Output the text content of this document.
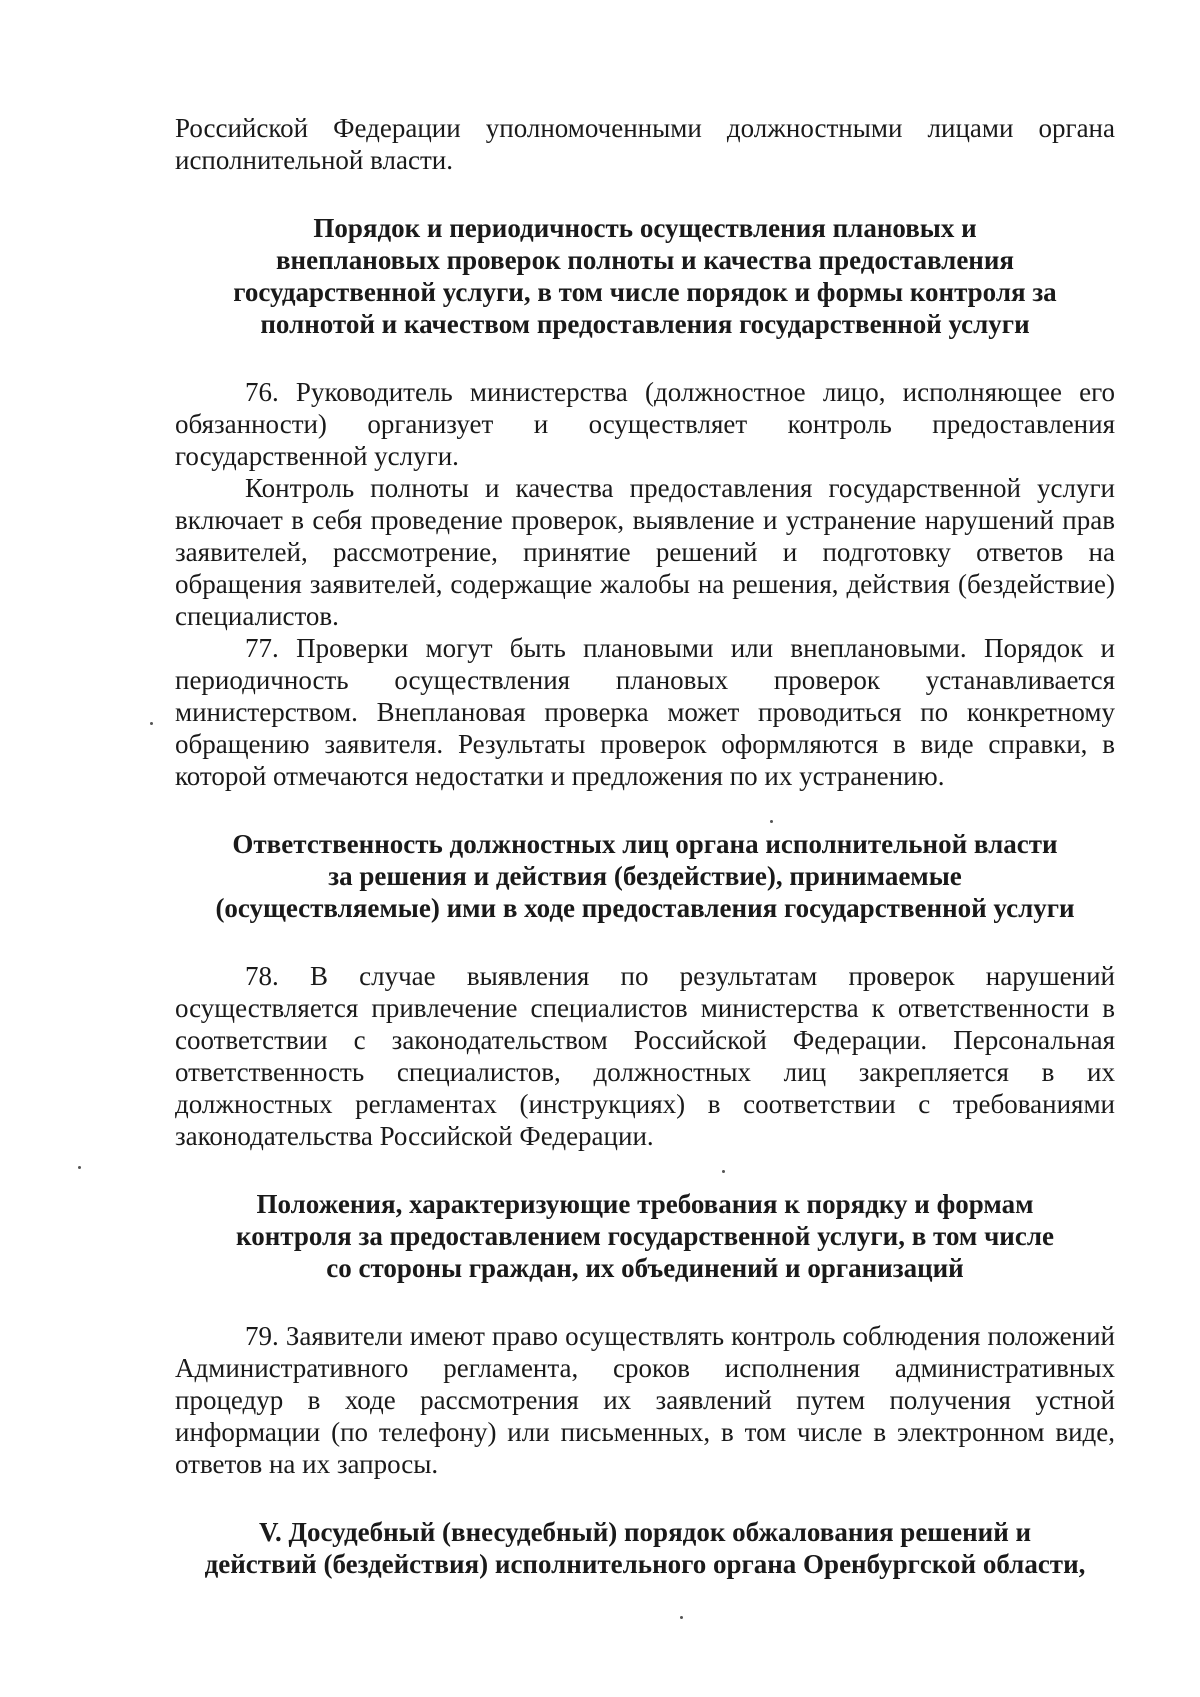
Российской Федерации уполномоченными должностными лицами органа исполнительной власти.

Порядок и периодичность осуществления плановых и
внеплановых проверок полноты и качества предоставления
государственной услуги, в том числе порядок и формы контроля за
полнотой и качеством предоставления государственной услуги

76. Руководитель министерства (должностное лицо, исполняющее его обязанности) организует и осуществляет контроль предоставления государственной услуги.

Контроль полноты и качества предоставления государственной услуги включает в себя проведение проверок, выявление и устранение нарушений прав заявителей, рассмотрение, принятие решений и подготовку ответов на обращения заявителей, содержащие жалобы на решения, действия (бездействие) специалистов.

77. Проверки могут быть плановыми или внеплановыми. Порядок и периодичность осуществления плановых проверок устанавливается министерством. Внеплановая проверка может проводиться по конкретному обращению заявителя. Результаты проверок оформляются в виде справки, в которой отмечаются недостатки и предложения по их устранению.

Ответственность должностных лиц органа исполнительной власти
за решения и действия (бездействие), принимаемые
(осуществляемые) ими в ходе предоставления государственной услуги

78. В случае выявления по результатам проверок нарушений осуществляется привлечение специалистов министерства к ответственности в соответствии с законодательством Российской Федерации. Персональная ответственность специалистов, должностных лиц закрепляется в их должностных регламентах (инструкциях) в соответствии с требованиями законодательства Российской Федерации.

Положения, характеризующие требования к порядку и формам
контроля за предоставлением государственной услуги, в том числе
со стороны граждан, их объединений и организаций

79. Заявители имеют право осуществлять контроль соблюдения положений Административного регламента, сроков исполнения административных процедур в ходе рассмотрения их заявлений путем получения устной информации (по телефону) или письменных, в том числе в электронном виде, ответов на их запросы.

V. Досудебный (внесудебный) порядок обжалования решений и
действий (бездействия) исполнительного органа Оренбургской области,
